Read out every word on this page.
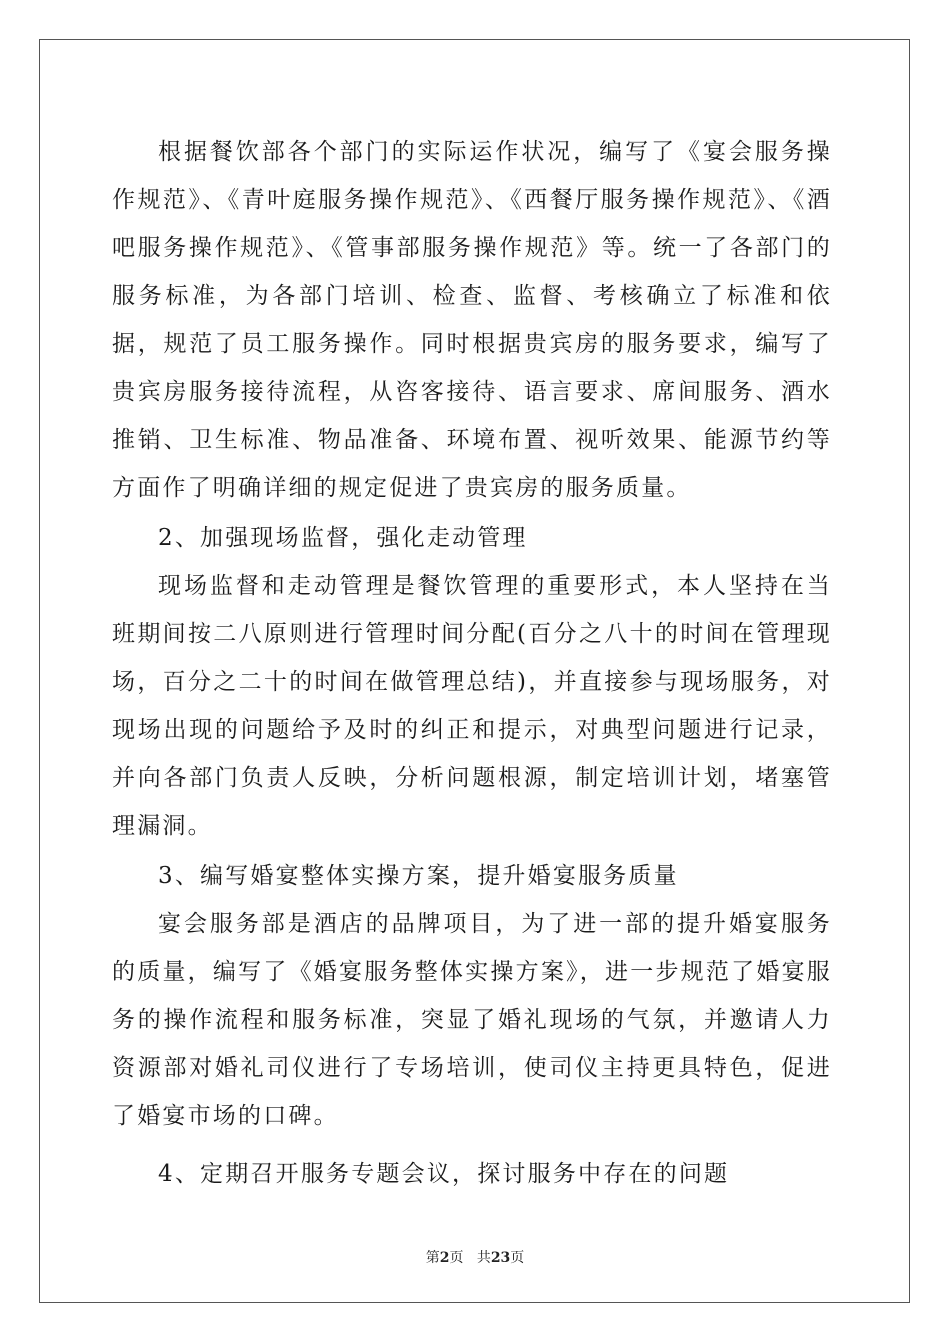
根据餐饮部各个部门的实际运作状况，编写了《宴会服务操作规范》、《青叶庭服务操作规范》、《西餐厅服务操作规范》、《酒吧服务操作规范》、《管事部服务操作规范》等。统一了各部门的服务标准，为各部门培训、检查、监督、考核确立了标准和依据，规范了员工服务操作。同时根据贵宾房的服务要求，编写了贵宾房服务接待流程，从咨客接待、语言要求、席间服务、酒水推销、卫生标准、物品准备、环境布置、视听效果、能源节约等方面作了明确详细的规定促进了贵宾房的服务质量。

2、加强现场监督，强化走动管理

现场监督和走动管理是餐饮管理的重要形式，本人坚持在当班期间按二八原则进行管理时间分配(百分之八十的时间在管理现场，百分之二十的时间在做管理总结)，并直接参与现场服务，对现场出现的问题给予及时的纠正和提示，对典型问题进行记录，并向各部门负责人反映，分析问题根源，制定培训计划，堵塞管理漏洞。

3、编写婚宴整体实操方案，提升婚宴服务质量

宴会服务部是酒店的品牌项目，为了进一部的提升婚宴服务的质量，编写了《婚宴服务整体实操方案》，进一步规范了婚宴服务的操作流程和服务标准，突显了婚礼现场的气氛，并邀请人力资源部对婚礼司仪进行了专场培训，使司仪主持更具特色，促进了婚宴市场的口碑。

4、定期召开服务专题会议，探讨服务中存在的问题

第2页 共23页
